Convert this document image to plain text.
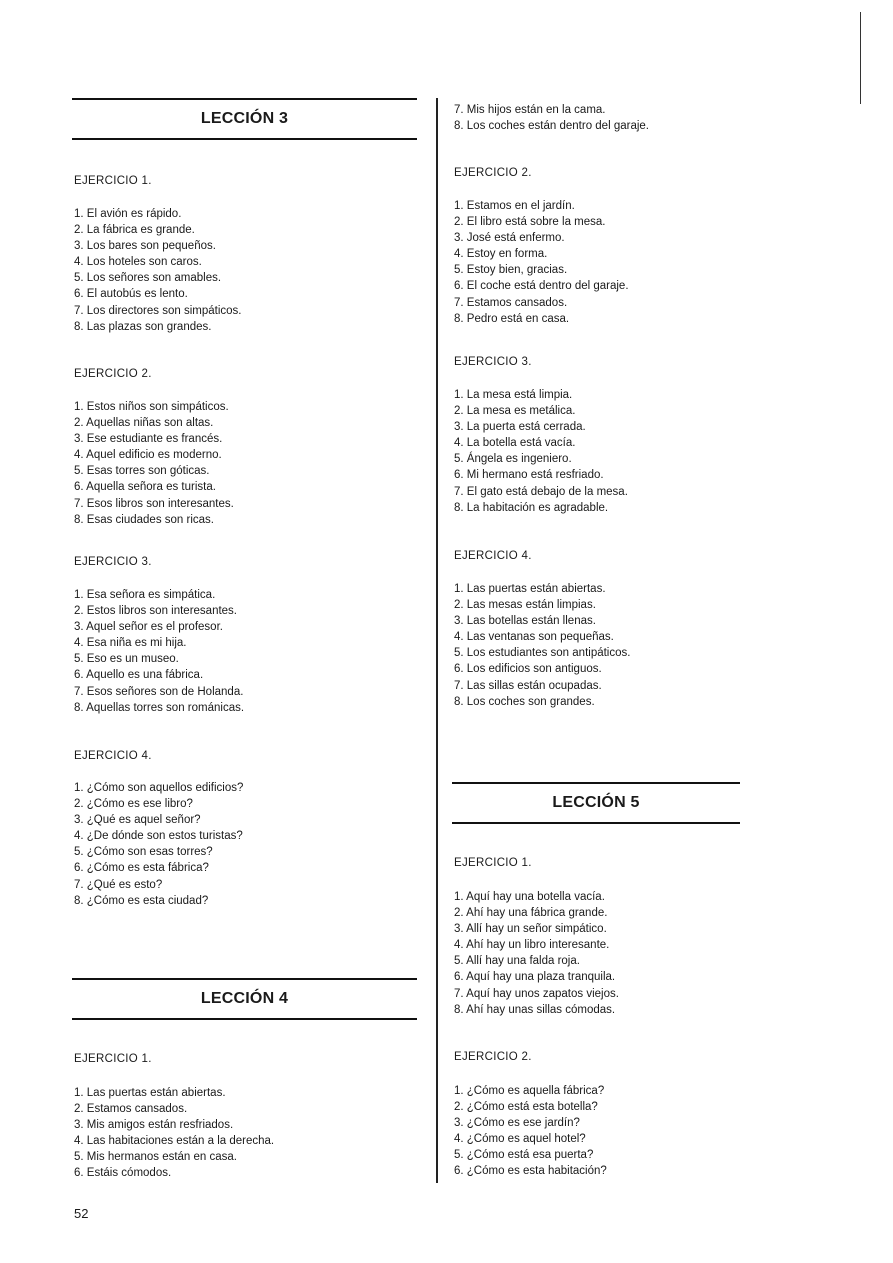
LECCIÓN 3
EJERCICIO 1.
1. El avión es rápido.
2. La fábrica es grande.
3. Los bares son pequeños.
4. Los hoteles son caros.
5. Los señores son amables.
6. El autobús es lento.
7. Los directores son simpáticos.
8. Las plazas son grandes.
EJERCICIO 2.
1. Estos niños son simpáticos.
2. Aquellas niñas son altas.
3. Ese estudiante es francés.
4. Aquel edificio es moderno.
5. Esas torres son góticas.
6. Aquella señora es turista.
7. Esos libros son interesantes.
8. Esas ciudades son ricas.
EJERCICIO 3.
1. Esa señora es simpática.
2. Estos libros son interesantes.
3. Aquel señor es el profesor.
4. Esa niña es mi hija.
5. Eso es un museo.
6. Aquello es una fábrica.
7. Esos señores son de Holanda.
8. Aquellas torres son románicas.
EJERCICIO 4.
1. ¿Cómo son aquellos edificios?
2. ¿Cómo es ese libro?
3. ¿Qué es aquel señor?
4. ¿De dónde son estos turistas?
5. ¿Cómo son esas torres?
6. ¿Cómo es esta fábrica?
7. ¿Qué es esto?
8. ¿Cómo es esta ciudad?
LECCIÓN 4
EJERCICIO 1.
1. Las puertas están abiertas.
2. Estamos cansados.
3. Mis amigos están resfriados.
4. Las habitaciones están a la derecha.
5. Mis hermanos están en casa.
6. Estáis cómodos.
7. Mis hijos están en la cama.
8. Los coches están dentro del garaje.
EJERCICIO 2.
1. Estamos en el jardín.
2. El libro está sobre la mesa.
3. José está enfermo.
4. Estoy en forma.
5. Estoy bien, gracias.
6. El coche está dentro del garaje.
7. Estamos cansados.
8. Pedro está en casa.
EJERCICIO 3.
1. La mesa está limpia.
2. La mesa es metálica.
3. La puerta está cerrada.
4. La botella está vacía.
5. Ángela es ingeniero.
6. Mi hermano está resfriado.
7. El gato está debajo de la mesa.
8. La habitación es agradable.
EJERCICIO 4.
1. Las puertas están abiertas.
2. Las mesas están limpias.
3. Las botellas están llenas.
4. Las ventanas son pequeñas.
5. Los estudiantes son antipáticos.
6. Los edificios son antiguos.
7. Las sillas están ocupadas.
8. Los coches son grandes.
LECCIÓN 5
EJERCICIO 1.
1. Aquí hay una botella vacía.
2. Ahí hay una fábrica grande.
3. Allí hay un señor simpático.
4. Ahí hay un libro interesante.
5. Allí hay una falda roja.
6. Aquí hay una plaza tranquila.
7. Aquí hay unos zapatos viejos.
8. Ahí hay unas sillas cómodas.
EJERCICIO 2.
1. ¿Cómo es aquella fábrica?
2. ¿Cómo está esta botella?
3. ¿Cómo es ese jardín?
4. ¿Cómo es aquel hotel?
5. ¿Cómo está esa puerta?
6. ¿Cómo es esta habitación?
52
